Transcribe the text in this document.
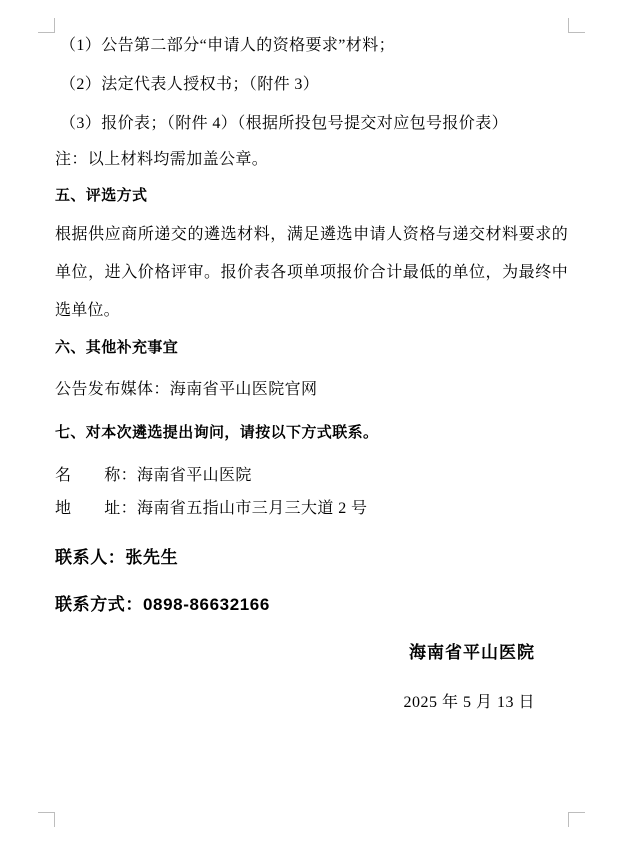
（1）公告第二部分“申请人的资格要求”材料；
（2）法定代表人授权书；（附件 3）
（3）报价表；（附件 4）（根据所投包号提交对应包号报价表）
注：以上材料均需加盖公章。
五、评选方式
根据供应商所递交的遴选材料，满足遴选申请人资格与递交材料要求的单位，进入价格评审。报价表各项单项报价合计最低的单位，为最终中选单位。
六、其他补充事宜
公告发布媒体：海南省平山医院官网
七、对本次遴选提出询问，请按以下方式联系。
名　　称：海南省平山医院
地　　址：海南省五指山市三月三大道 2 号
联系人：张先生
联系方式：0898-86632166
海南省平山医院
2025 年 5 月 13 日
